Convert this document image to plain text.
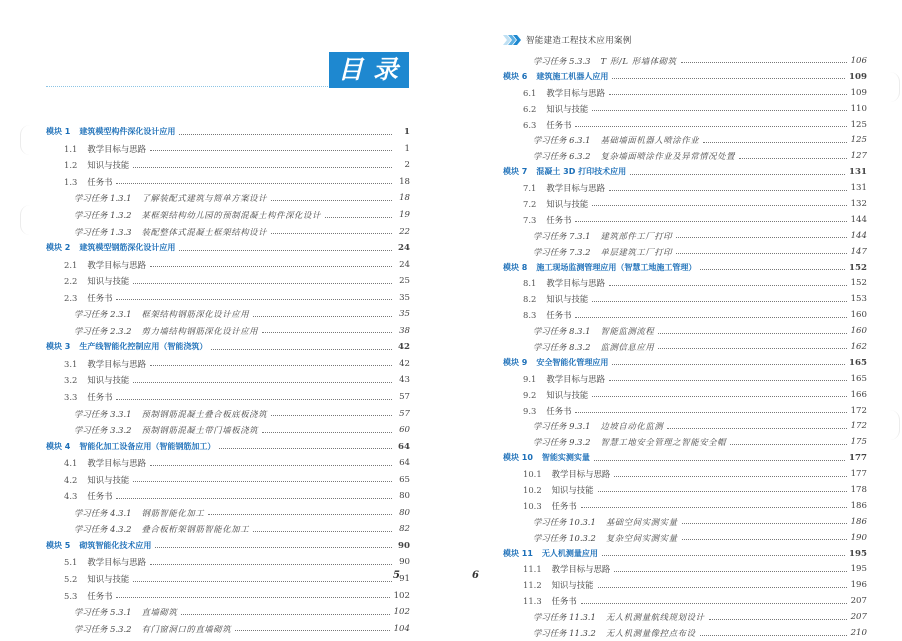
目录
模块 1 建筑模型构件深化设计应用	1
1.1 教学目标与思路	1
1.2 知识与技能	2
1.3 任务书	18
学习任务 1.3.1 了解装配式建筑与简单方案设计	18
学习任务 1.3.2 某框架结构幼儿园的预制混凝土构件深化设计	19
学习任务 1.3.3 装配整体式混凝土框架结构设计	22
模块 2 建筑模型钢筋深化设计应用	24
2.1 教学目标与思路	24
2.2 知识与技能	25
2.3 任务书	35
学习任务 2.3.1 框架结构钢筋深化设计应用	35
学习任务 2.3.2 剪力墙结构钢筋深化设计应用	38
模块 3 生产线智能化控制应用（智能浇筑）	42
3.1 教学目标与思路	42
3.2 知识与技能	43
3.3 任务书	57
学习任务 3.3.1 预制钢筋混凝土叠合板底板浇筑	57
学习任务 3.3.2 预制钢筋混凝土带门墙板浇筑	60
模块 4 智能化加工设备应用（智能钢筋加工）	64
4.1 教学目标与思路	64
4.2 知识与技能	65
4.3 任务书	80
学习任务 4.3.1 钢筋智能化加工	80
学习任务 4.3.2 叠合板桁架钢筋智能化加工	82
模块 5 砌筑智能化技术应用	90
5.1 教学目标与思路	90
5.2 知识与技能	91
5.3 任务书	102
学习任务 5.3.1 直墙砌筑	102
学习任务 5.3.2 有门窗洞口的直墙砌筑	104
5
智能建造工程技术应用案例
学习任务 5.3.3 T 形/L 形墙体砌筑	106
模块 6 建筑施工机器人应用	109
6.1 教学目标与思路	109
6.2 知识与技能	110
6.3 任务书	125
学习任务 6.3.1 基础墙面机器人喷涂作业	125
学习任务 6.3.2 复杂墙面喷涂作业及异常情况处置	127
模块 7 混凝土 3D 打印技术应用	131
7.1 教学目标与思路	131
7.2 知识与技能	132
7.3 任务书	144
学习任务 7.3.1 建筑部件工厂打印	144
学习任务 7.3.2 单层建筑工厂打印	147
模块 8 施工现场监测管理应用（智慧工地施工管理）	152
8.1 教学目标与思路	152
8.2 知识与技能	153
8.3 任务书	160
学习任务 8.3.1 智能监测流程	160
学习任务 8.3.2 监测信息应用	162
模块 9 安全智能化管理应用	165
9.1 教学目标与思路	165
9.2 知识与技能	166
9.3 任务书	172
学习任务 9.3.1 边坡自动化监测	172
学习任务 9.3.2 智慧工地安全管理之智能安全帽	175
模块 10 智能实测实量	177
10.1 教学目标与思路	177
10.2 知识与技能	178
10.3 任务书	186
学习任务 10.3.1 基础空间实测实量	186
学习任务 10.3.2 复杂空间实测实量	190
模块 11 无人机测量应用	195
11.1 教学目标与思路	195
11.2 知识与技能	196
11.3 任务书	207
学习任务 11.3.1 无人机测量航线规划设计	207
学习任务 11.3.2 无人机测量像控点布设	210
6
